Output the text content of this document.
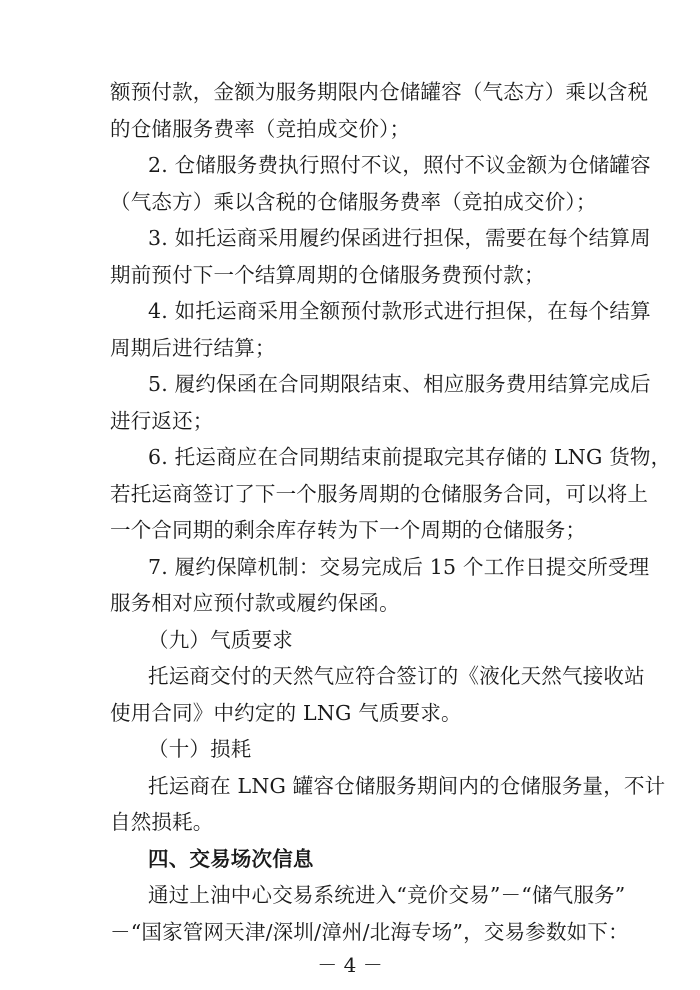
额预付款，金额为服务期限内仓储罐容（气态方）乘以含税
的仓储服务费率（竞拍成交价）；
2. 仓储服务费执行照付不议，照付不议金额为仓储罐容
（气态方）乘以含税的仓储服务费率（竞拍成交价）；
3. 如托运商采用履约保函进行担保，需要在每个结算周
期前预付下一个结算周期的仓储服务费预付款；
4. 如托运商采用全额预付款形式进行担保，在每个结算
周期后进行结算；
5. 履约保函在合同期限结束、相应服务费用结算完成后
进行返还；
6. 托运商应在合同期结束前提取完其存储的 LNG 货物，
若托运商签订了下一个服务周期的仓储服务合同，可以将上
一个合同期的剩余库存转为下一个周期的仓储服务；
7. 履约保障机制：交易完成后 15 个工作日提交所受理
服务相对应预付款或履约保函。
（九）气质要求
托运商交付的天然气应符合签订的《液化天然气接收站
使用合同》中约定的 LNG 气质要求。
（十）损耗
托运商在 LNG 罐容仓储服务期间内的仓储服务量，不计
自然损耗。
四、交易场次信息
通过上油中心交易系统进入“竞价交易”－“储气服务”
－“国家管网天津/深圳/漳州/北海专场”，交易参数如下：
－ 4 －
